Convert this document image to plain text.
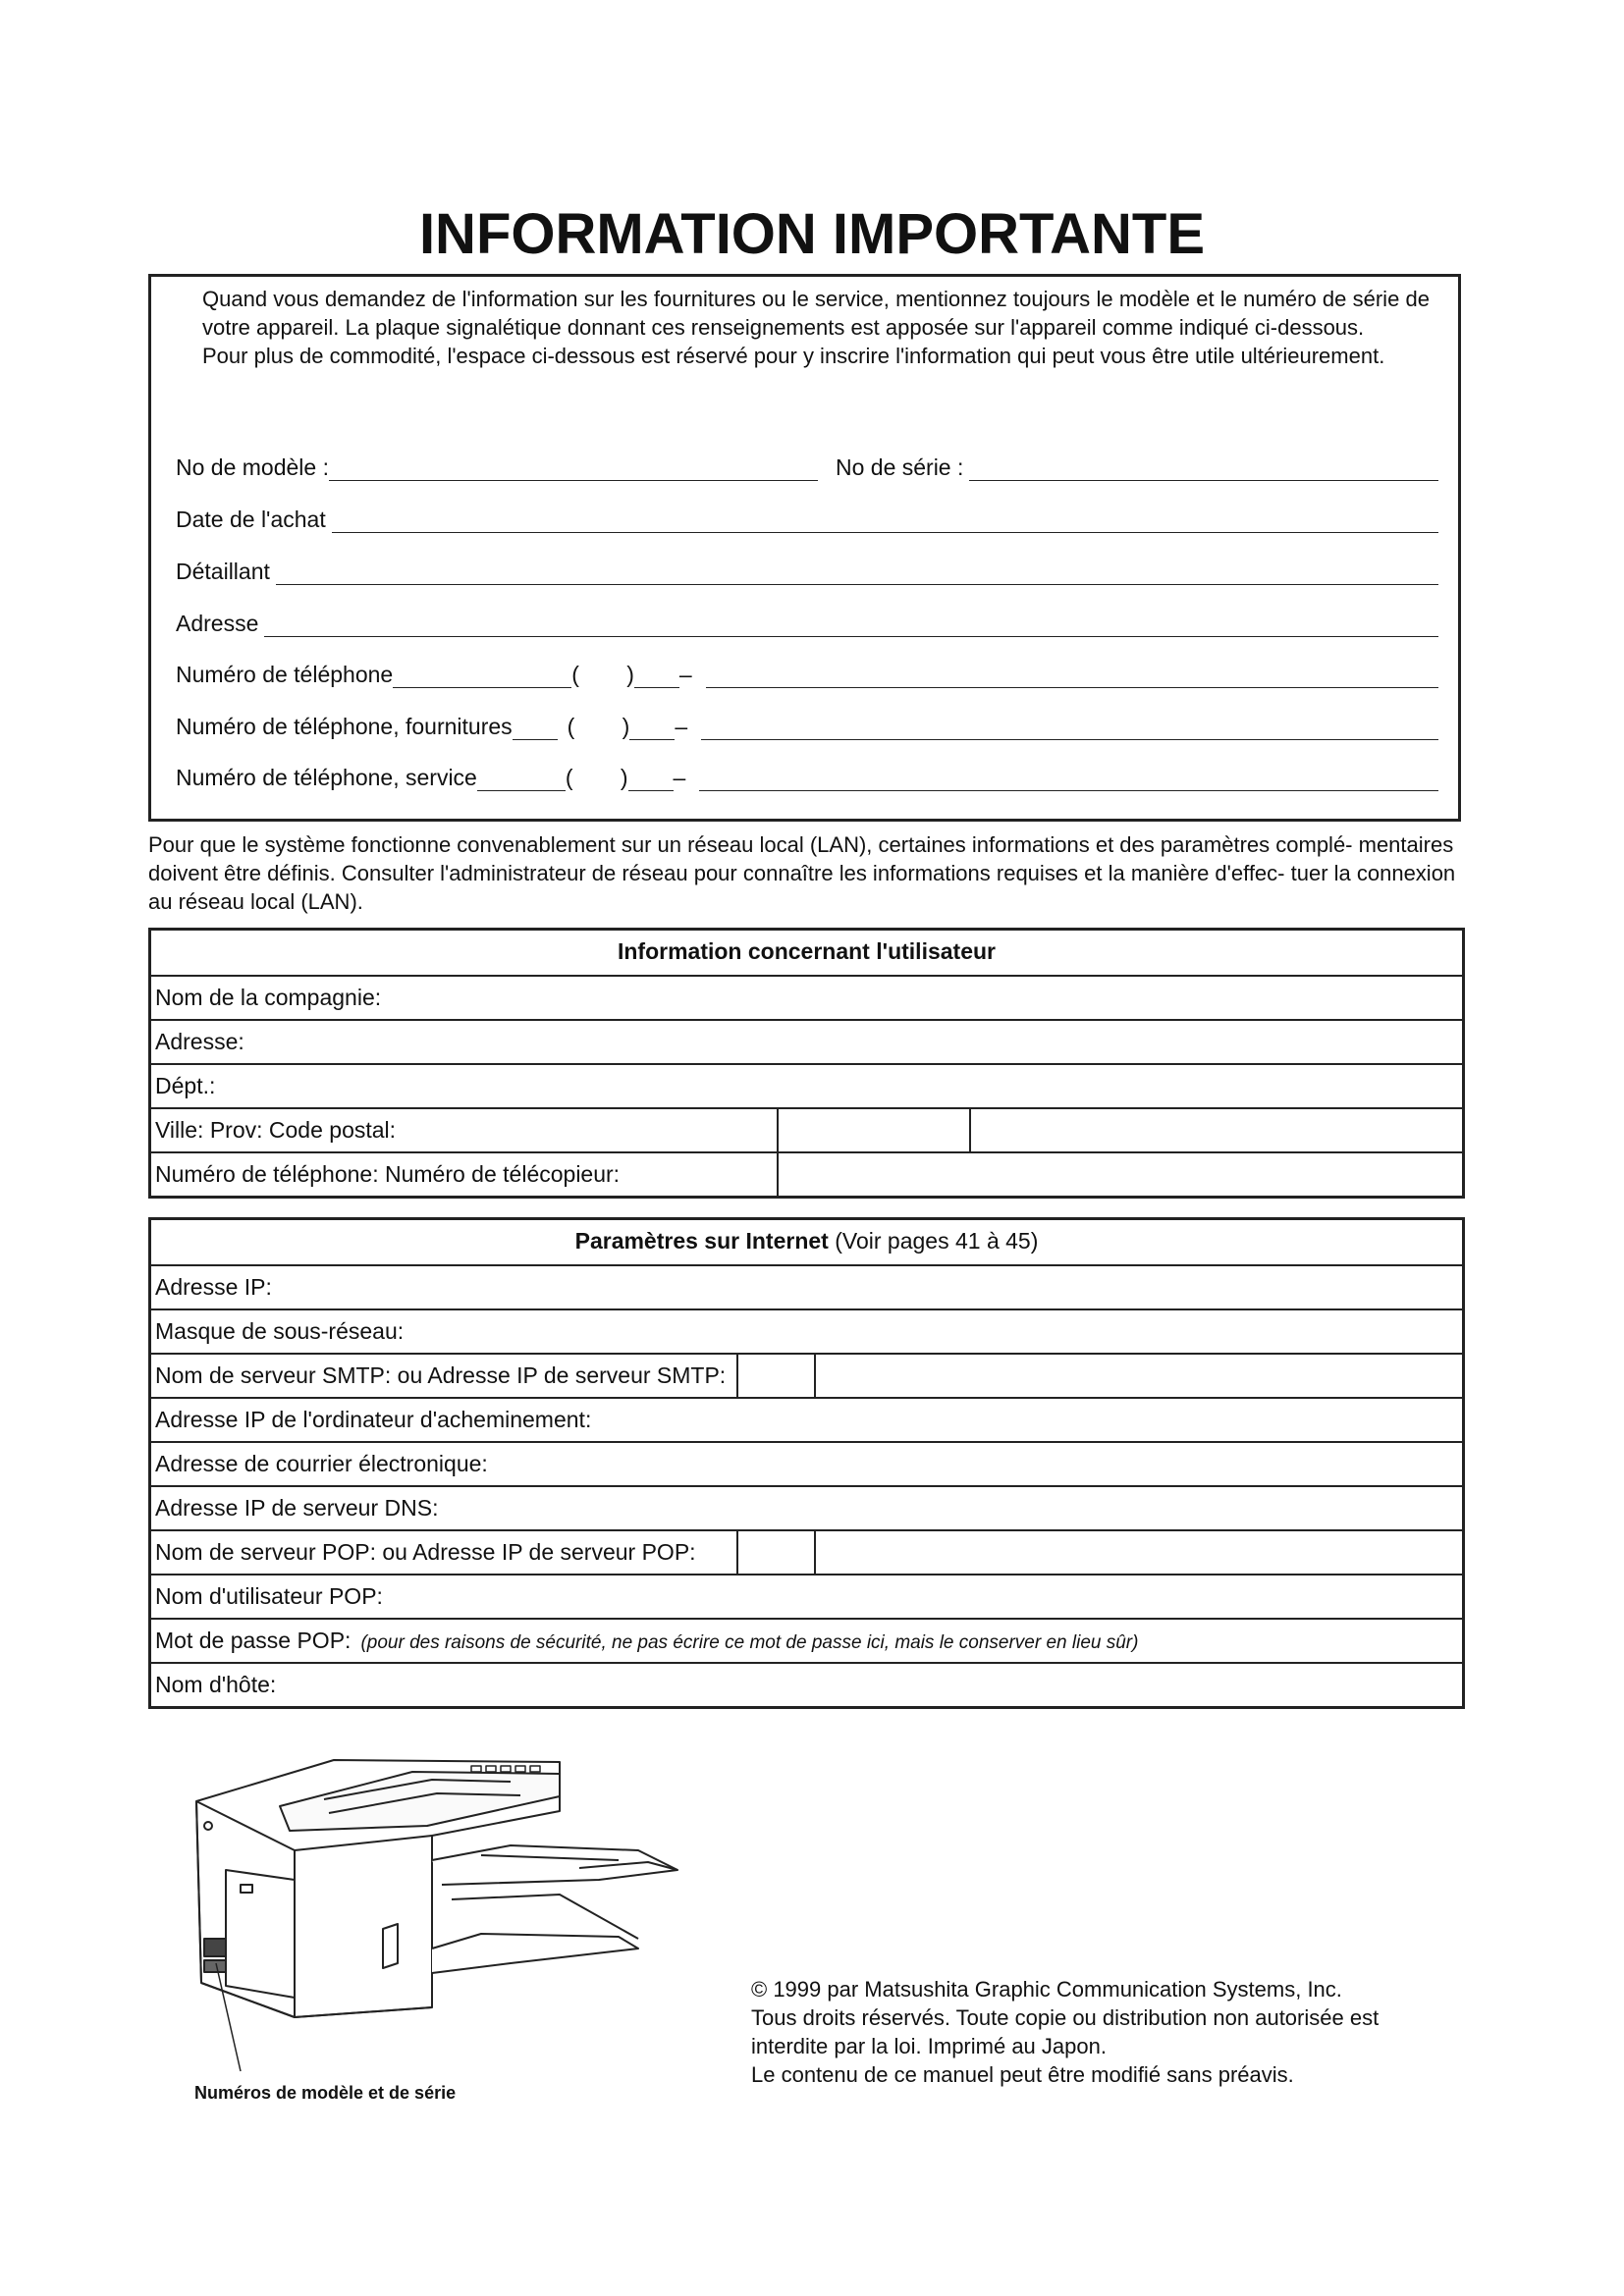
INFORMATION IMPORTANTE

Quand vous demandez de l'information sur les fournitures ou le service, mentionnez toujours le modèle et le numéro de série de votre appareil. La plaque signalétique donnant ces renseignements est apposée sur l'appareil comme indiqué ci-dessous.

Pour plus de commodité, l'espace ci-dessous est réservé pour y inscrire l'information qui peut vous être utile ultérieurement.

No de modèle :	No de série :
Date de l'achat
Détaillant
Adresse
Numéro de téléphone	(	) –
Numéro de téléphone, fournitures (	) –
Numéro de téléphone, service	(	) –
Pour que le système fonctionne convenablement sur un réseau local (LAN), certaines informations et des paramètres complé- mentaires doivent être définis. Consulter l'administrateur de réseau pour connaître les informations requises et la manière d'effec- tuer la connexion au réseau local (LAN).
Information concernant l'utilisateur
Nom de la compagnie:
Adresse:
Dépt.:
Ville: Prov: Code postal:
Numéro de téléphone: Numéro de télécopieur:
Paramètres sur Internet (Voir pages 41 à 45)
Adresse IP:
Masque de sous-réseau:
Nom de serveur SMTP: ou Adresse IP de serveur SMTP:
Adresse IP de l'ordinateur d'acheminement:
Adresse de courrier électronique:
Adresse IP de serveur DNS:
Nom de serveur POP: ou Adresse IP de serveur POP:
Nom d'utilisateur POP:
Mot de passe POP: (pour des raisons de sécurité, ne pas écrire ce mot de passe ici, mais le conserver en lieu sûr)
Nom d'hôte:
Numéros de modèle et de série
© 1999 par Matsushita Graphic Communication Systems, Inc.
Tous droits réservés. Toute copie ou distribution non autorisée est
interdite par la loi. Imprimé au Japon.
Le contenu de ce manuel peut être modifié sans préavis.
